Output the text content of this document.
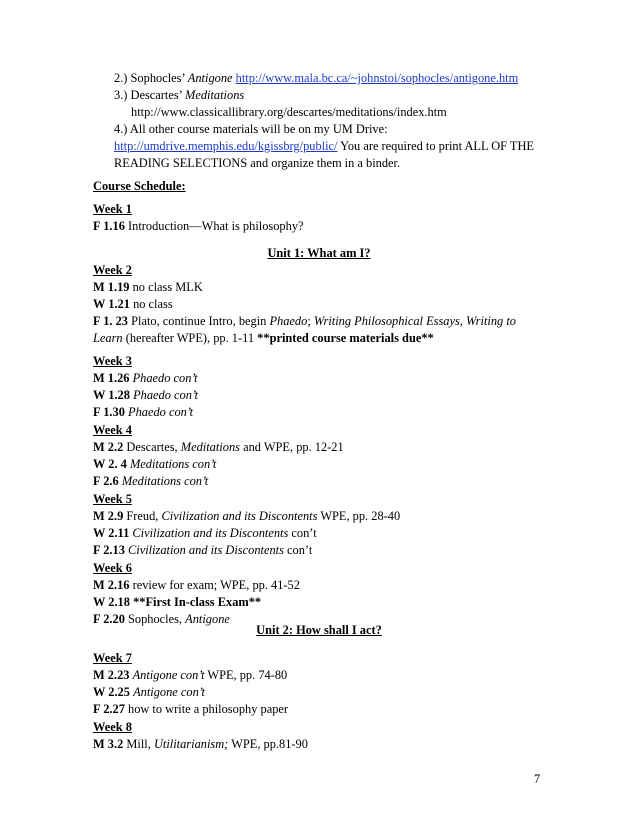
2.) Sophocles’ Antigone http://www.mala.bc.ca/~johnstoi/sophocles/antigone.htm
3.) Descartes’ Meditations
http://www.classicallibrary.org/descartes/meditations/index.htm
4.) All other course materials will be on my UM Drive:
http://umdrive.memphis.edu/kgissbrg/public/ You are required to print ALL OF THE
READING SELECTIONS and organize them in a binder.
Course Schedule:
Week 1
F 1.16 Introduction—What is philosophy?
Unit 1: What am I?
Week 2
M 1.19 no class MLK
W 1.21 no class
F 1. 23 Plato, continue Intro, begin Phaedo; Writing Philosophical Essays, Writing to
Learn (hereafter WPE), pp. 1-11 **printed course materials due**
Week 3
M 1.26 Phaedo con’t
W 1.28 Phaedo con’t
F 1.30 Phaedo con’t
Week 4
M 2.2 Descartes, Meditations and WPE, pp. 12-21
W 2. 4 Meditations con’t
F 2.6 Meditations con’t
Week 5
M 2.9 Freud, Civilization and its Discontents WPE, pp. 28-40
W 2.11 Civilization and its Discontents con’t
F 2.13 Civilization and its Discontents con’t
Week 6
M 2.16 review for exam; WPE, pp. 41-52
W 2.18 **First In-class Exam**
F 2.20 Sophocles, Antigone
Unit 2: How shall I act?
Week 7
M 2.23 Antigone con’t WPE, pp. 74-80
W 2.25 Antigone con’t
F 2.27 how to write a philosophy paper
Week 8
M 3.2 Mill, Utilitarianism; WPE, pp.81-90
7
